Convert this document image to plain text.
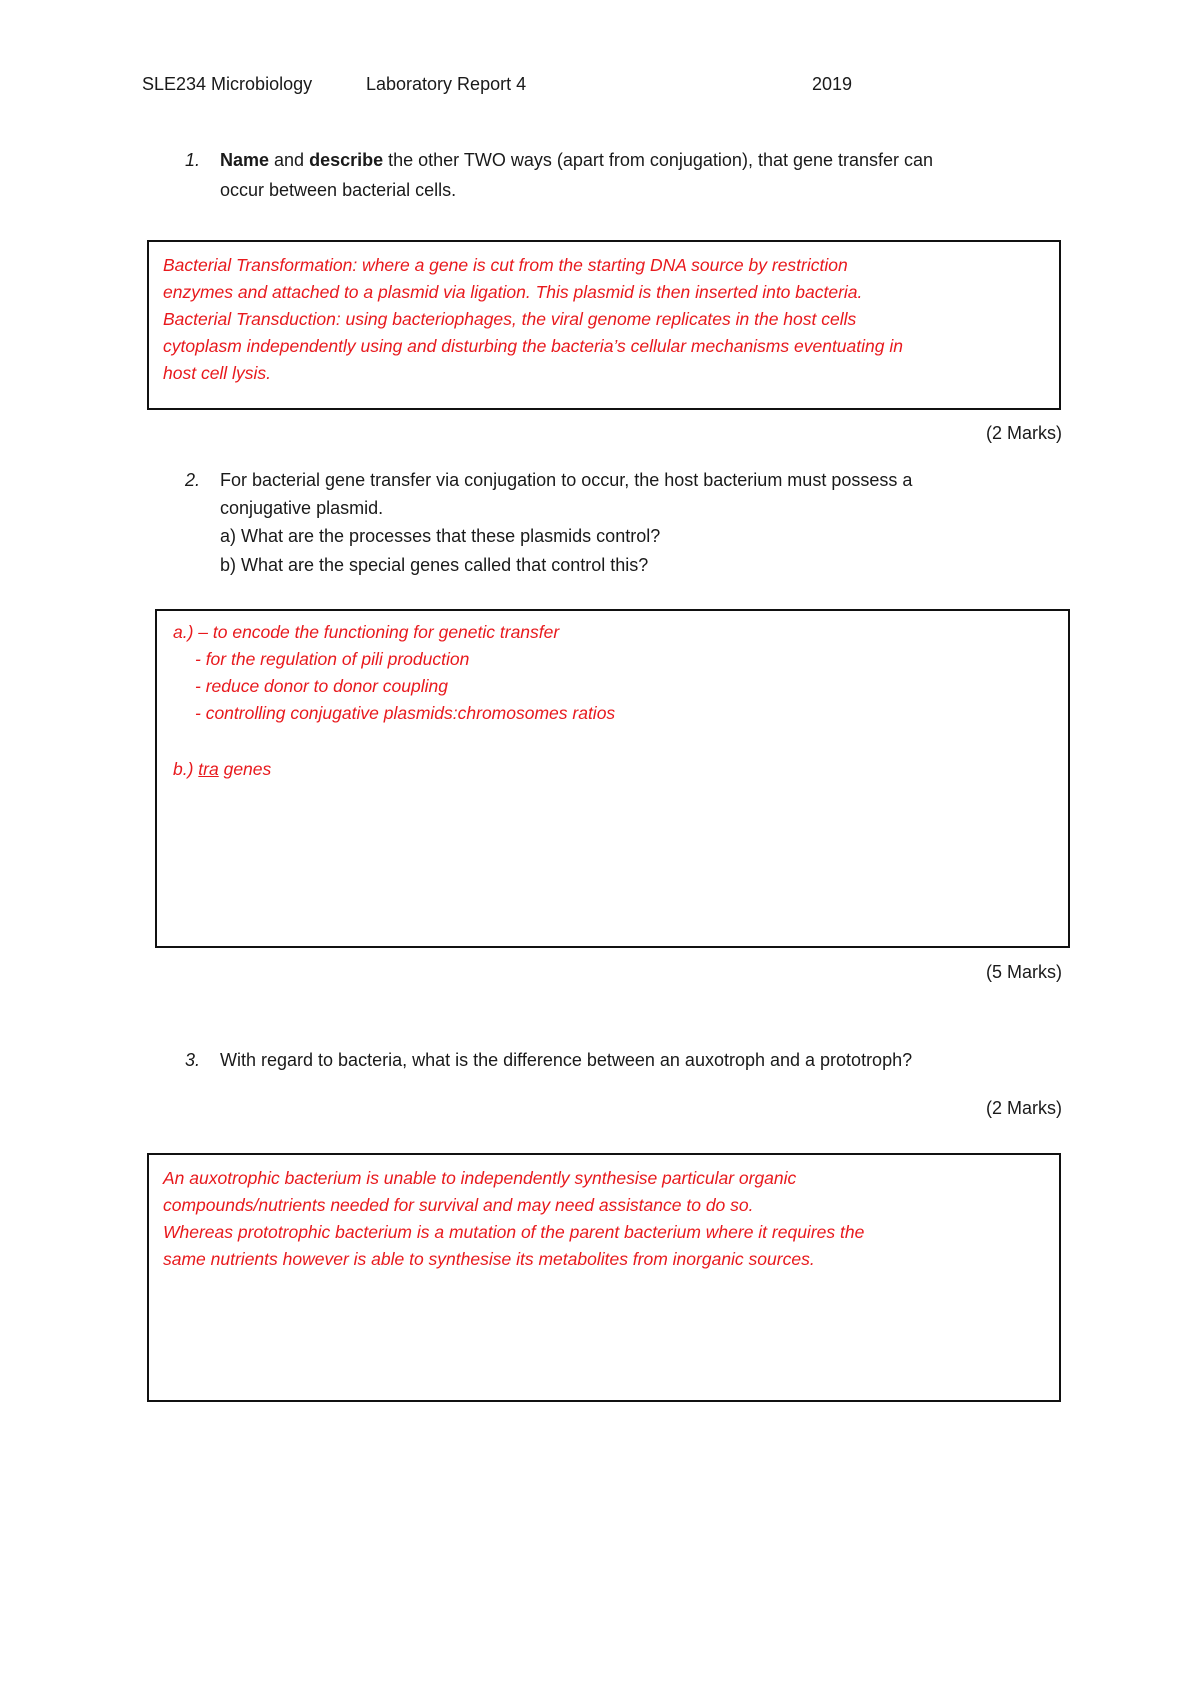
SLE234 Microbiology	Laboratory Report 4	2019
1. Name and describe the other TWO ways (apart from conjugation), that gene transfer can
occur between bacterial cells.
Bacterial Transformation: where a gene is cut from the starting DNA source by restriction
enzymes and attached to a plasmid via ligation. This plasmid is then inserted into bacteria.
Bacterial Transduction: using bacteriophages, the viral genome replicates in the host cells
cytoplasm independently using and disturbing the bacteria’s cellular mechanisms eventuating in
host cell lysis.
(2 Marks)
2. For bacterial gene transfer via conjugation to occur, the host bacterium must possess a
conjugative plasmid.
a) What are the processes that these plasmids control?
b) What are the special genes called that control this?
a.) – to encode the functioning for genetic transfer
- for the regulation of pili production
- reduce donor to donor coupling
- controlling conjugative plasmids:chromosomes ratios
b.) tra genes
(5 Marks)
3. With regard to bacteria, what is the difference between an auxotroph and a prototroph?
(2 Marks)
An auxotrophic bacterium is unable to independently synthesise particular organic
compounds/nutrients needed for survival and may need assistance to do so.
Whereas prototrophic bacterium is a mutation of the parent bacterium where it requires the
same nutrients however is able to synthesise its metabolites from inorganic sources.
